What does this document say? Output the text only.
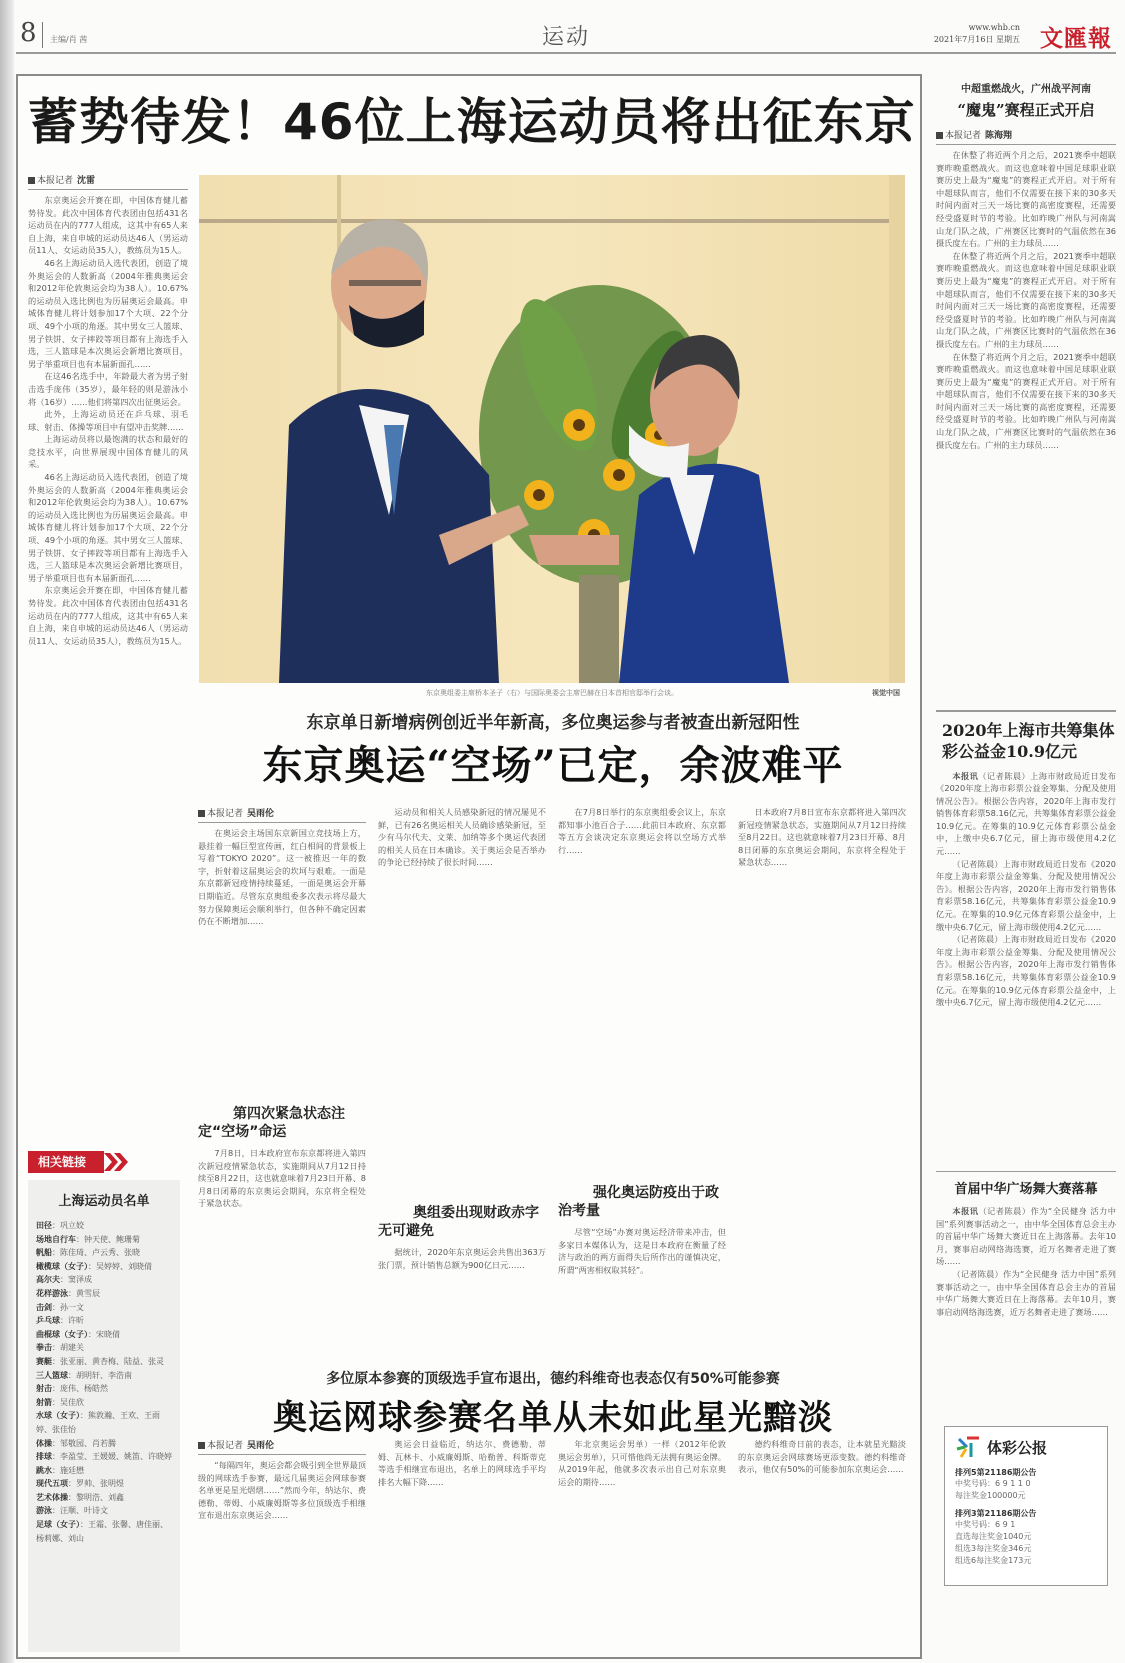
8 主编/肖 茜	运动	www.whb.cn
2021年7月16日 星期五 文匯報
蓄势待发！46位上海运动员将出征东京
本报记者 沈雷

东京奥运会开赛在即，中国体育健儿蓄势待发。此次中国体育代表团由包括431名运动员在内的777人组成，这其中有65人来自上海，来自申城的运动员达46人（男运动员11人、女运动员35人），教练员为15人。

46名上海运动员入选代表团，创造了境外奥运会的人数新高（2004年雅典奥运会和2012年伦敦奥运会均为38人）。10.67%的运动员入选比例也为历届奥运会最高。申城体育健儿将计划参加17个大项、22个分项、49个小项的角逐。其中男女三人篮球、男子铁饼、女子摔跤等项目都有上海选手入选，三人篮球是本次奥运会新增比赛项目，男子举重项目也有本届新面孔……

在这46名选手中，年龄最大者为男子射击选手庞伟（35岁），最年轻的则是游泳小将（16岁）……他们将第四次出征奥运会。

此外，上海运动员还在乒乓球、羽毛球、射击、体操等项目中有望冲击奖牌……

上海运动员将以最饱满的状态和最好的竞技水平，向世界展现中国体育健儿的风采。

46名上海运动员入选代表团，创造了境外奥运会的人数新高（2004年雅典奥运会和2012年伦敦奥运会均为38人）。10.67%的运动员入选比例也为历届奥运会最高。申城体育健儿将计划参加17个大项、22个分项、49个小项的角逐。其中男女三人篮球、男子铁饼、女子摔跤等项目都有上海选手入选，三人篮球是本次奥运会新增比赛项目，男子举重项目也有本届新面孔……

东京奥运会开赛在即，中国体育健儿蓄势待发。此次中国体育代表团由包括431名运动员在内的777人组成，这其中有65人来自上海，来自申城的运动员达46人（男运动员11人、女运动员35人），教练员为15人。

东京奥组委主席桥本圣子（右）与国际奥委会主席巴赫在日本首相官邸举行会谈。	视觉中国
东京单日新增病例创近半年新高，多位奥运参与者被查出新冠阳性
东京奥运“空场”已定，余波难平
本报记者 吴雨伦
在奥运会主场国东京新国立竞技场上方，悬挂着一幅巨型宣传画，红白相间的背景板上写着“TOKYO 2020”。这一被推迟一年的数字，折射着这届奥运会的坎坷与艰难。一面是东京都新冠疫情持续蔓延，一面是奥运会开幕日期临近。尽管东京奥组委多次表示将尽最大努力保障奥运会顺利举行，但各种不确定因素仍在不断增加……
第四次紧急状态注定“空场”命运
7月8日，日本政府宣布东京都将进入第四次新冠疫情紧急状态，实施期间从7月12日持续至8月22日，这也就意味着7月23日开幕、8月8日闭幕的东京奥运会期间，东京将全程处于紧急状态。
运动员和相关人员感染新冠的情况屡见不鲜，已有26名奥运相关人员确诊感染新冠，至少有马尔代夫、文莱、加纳等多个奥运代表团的相关人员在日本确诊。关于奥运会是否举办的争论已经持续了很长时间……
奥组委出现财政赤字无可避免
据统计，2020年东京奥运会共售出363万张门票，预计销售总额为900亿日元……
在7月8日举行的东京奥组委会议上，东京都知事小池百合子……此前日本政府、东京都等五方会谈决定东京奥运会将以空场方式举行……
强化奥运防疫出于政治考量
尽管“空场”办赛对奥运经济带来冲击，但多家日本媒体认为，这是日本政府在衡量了经济与政治的两方面得失后所作出的谨慎决定，所谓“两害相权取其轻”。
日本政府7月8日宣布东京都将进入第四次新冠疫情紧急状态，实施期间从7月12日持续至8月22日。这也就意味着7月23日开幕、8月8日闭幕的东京奥运会期间，东京将全程处于紧急状态……
相关链接
上海运动员名单
田径：巩立姣
场地自行车：钟天使、鲍珊菊
帆船：陈佳琦、卢云秀、张晓
橄榄球（女子）：吴婷婷、刘晓倩
高尔夫：窦泽成
花样游泳：黄雪辰
击剑：孙一文
乒乓球：许昕
曲棍球（女子）：宋晓倩
拳击：胡建关
赛艇：张亚丽、黄杏梅、陆益、张灵
三人篮球：胡明轩、李浩南
射击：庞伟、杨皓然
射箭：吴佳欣
水球（女子）：熊敦瀚、王欢、王雨婷、张佳怡
体操：邹敬园、肖若腾
排球：李盈莹、王媛媛、姚笛、许晓婷
跳水：施廷懋
现代五项：罗帅、张明煜
艺术体操：黎明浩、刘鑫
游泳：汪顺、叶诗文
足球（女子）：王霜、张馨、唐佳丽、杨莉娜、刘山
多位原本参赛的顶级选手宣布退出，德约科维奇也表态仅有50%可能参赛
奥运网球参赛名单从未如此星光黯淡
本报记者 吴雨伦
“每隔四年，奥运会都会吸引到全世界最顶级的网球选手参赛，最远几届奥运会网球参赛名单更是星光熠熠……”然而今年，纳达尔、费德勒、蒂姆、小威廉姆斯等多位顶级选手相继宣布退出东京奥运会……
奥运会日益临近，纳达尔、费德勒、蒂姆、瓦林卡、小威廉姆斯、哈勒普、科斯蒂克等选手相继宣布退出，名单上的网球选手平均排名大幅下降……
年北京奥运会男单）一样（2012年伦敦奥运会男单），只可惜他尚无法拥有奥运金牌。从2019年起，他就多次表示出自己对东京奥运会的期待……
德约科维奇日前的表态，让本就星光黯淡的东京奥运会网球赛场更添变数。德约科维奇表示，他仅有50%的可能参加东京奥运会……
中超重燃战火，广州战平河南
“魔鬼”赛程正式开启
本报记者 陈海翔

在休整了将近两个月之后，2021赛季中超联赛昨晚重燃战火。而这也意味着中国足球职业联赛历史上最为“魔鬼”的赛程正式开启。对于所有中超球队而言，他们不仅需要在接下来的30多天时间内面对三天一场比赛的高密度赛程，还需要经受盛夏时节的考验。比如昨晚广州队与河南嵩山龙门队之战，广州赛区比赛时的气温依然在36摄氏度左右。广州的主力球员……

在休整了将近两个月之后，2021赛季中超联赛昨晚重燃战火。而这也意味着中国足球职业联赛历史上最为“魔鬼”的赛程正式开启。对于所有中超球队而言，他们不仅需要在接下来的30多天时间内面对三天一场比赛的高密度赛程，还需要经受盛夏时节的考验。比如昨晚广州队与河南嵩山龙门队之战，广州赛区比赛时的气温依然在36摄氏度左右。广州的主力球员……

在休整了将近两个月之后，2021赛季中超联赛昨晚重燃战火。而这也意味着中国足球职业联赛历史上最为“魔鬼”的赛程正式开启。对于所有中超球队而言，他们不仅需要在接下来的30多天时间内面对三天一场比赛的高密度赛程，还需要经受盛夏时节的考验。比如昨晚广州队与河南嵩山龙门队之战，广州赛区比赛时的气温依然在36摄氏度左右。广州的主力球员……

2020年上海市共筹集体彩公益金10.9亿元

本报讯（记者陈晨）上海市财政局近日发布《2020年度上海市彩票公益金筹集、分配及使用情况公告》。根据公告内容，2020年上海市发行销售体育彩票58.16亿元，共筹集体育彩票公益金10.9亿元。在筹集的10.9亿元体育彩票公益金中，上缴中央6.7亿元，留上海市级使用4.2亿元……

（记者陈晨）上海市财政局近日发布《2020年度上海市彩票公益金筹集、分配及使用情况公告》。根据公告内容，2020年上海市发行销售体育彩票58.16亿元，共筹集体育彩票公益金10.9亿元。在筹集的10.9亿元体育彩票公益金中，上缴中央6.7亿元，留上海市级使用4.2亿元……

（记者陈晨）上海市财政局近日发布《2020年度上海市彩票公益金筹集、分配及使用情况公告》。根据公告内容，2020年上海市发行销售体育彩票58.16亿元，共筹集体育彩票公益金10.9亿元。在筹集的10.9亿元体育彩票公益金中，上缴中央6.7亿元，留上海市级使用4.2亿元……

首届中华广场舞大赛落幕

本报讯（记者陈晨）作为“全民健身 活力中国”系列赛事活动之一，由中华全国体育总会主办的首届中华广场舞大赛近日在上海落幕。去年10月，赛事启动网络海选赛，近万名舞者走进了赛场……

（记者陈晨）作为“全民健身 活力中国”系列赛事活动之一，由中华全国体育总会主办的首届中华广场舞大赛近日在上海落幕。去年10月，赛事启动网络海选赛，近万名舞者走进了赛场……

体彩公报
排列5第21186期公告
中奖号码：6 9 1 1 0
每注奖金100000元
排列3第21186期公告
中奖号码：6 9 1
直选每注奖金1040元
组选3每注奖金346元
组选6每注奖金173元
